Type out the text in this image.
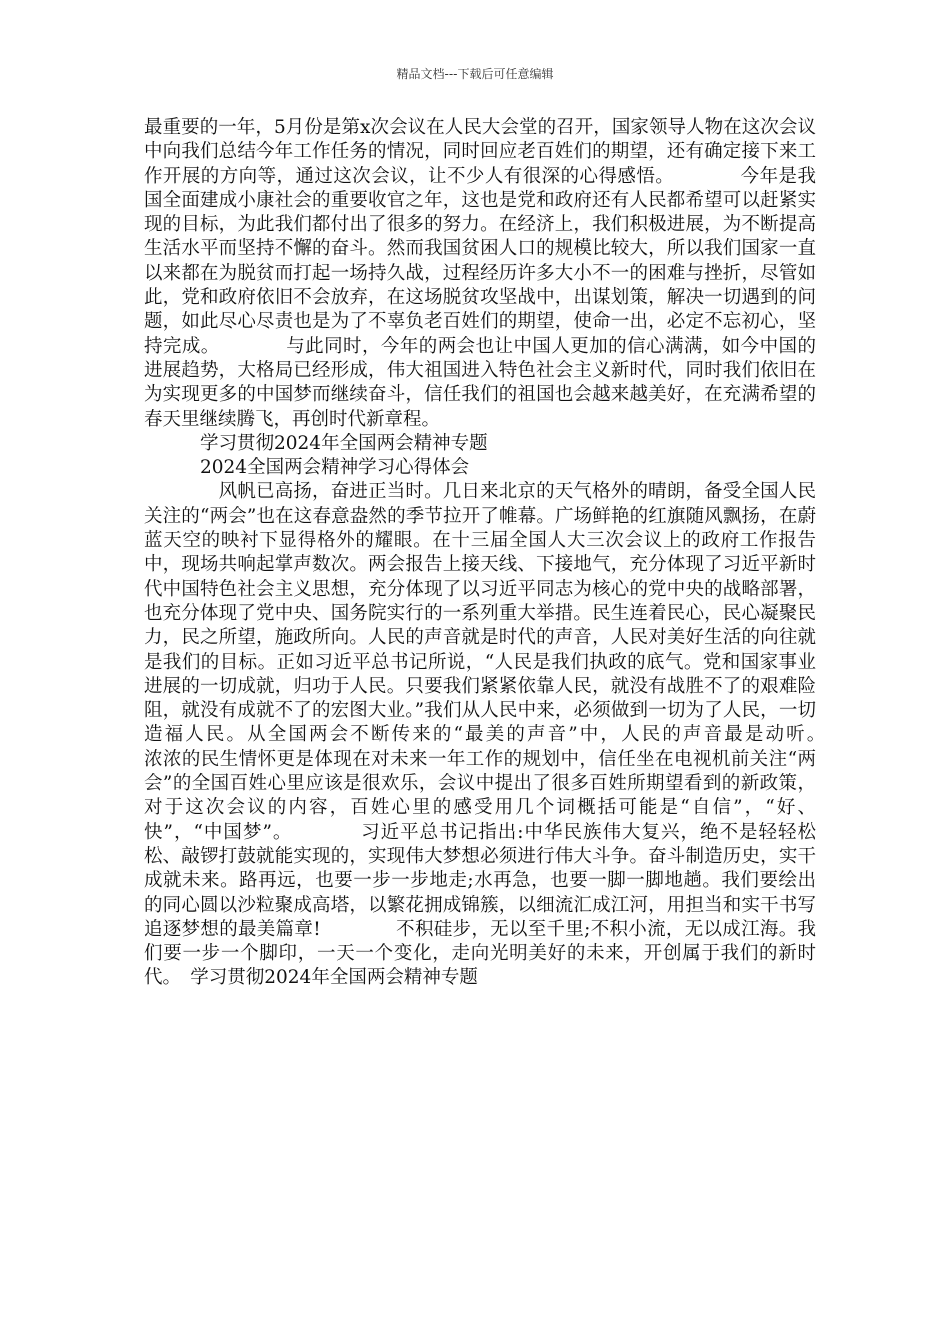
精品文档---下载后可任意编辑

最重要的一年，5月份是第x次会议在人民大会堂的召开，国家领导人物在这次会议中向我们总结今年工作任务的情况，同时回应老百姓们的期望，还有确定接下来工作开展的方向等，通过这次会议，让不少人有很深的心得感悟。　　　　今年是我国全面建成小康社会的重要收官之年，这也是党和政府还有人民都希望可以赶紧实现的目标，为此我们都付出了很多的努力。在经济上，我们积极进展，为不断提高生活水平而坚持不懈的奋斗。然而我国贫困人口的规模比较大，所以我们国家一直以来都在为脱贫而打起一场持久战，过程经历许多大小不一的困难与挫折，尽管如此，党和政府依旧不会放弃，在这场脱贫攻坚战中，出谋划策，解决一切遇到的问题，如此尽心尽责也是为了不辜负老百姓们的期望，使命一出，必定不忘初心，坚持完成。　　　　与此同时，今年的两会也让中国人更加的信心满满，如今中国的进展趋势，大格局已经形成，伟大祖国进入特色社会主义新时代，同时我们依旧在为实现更多的中国梦而继续奋斗，信任我们的祖国也会越来越美好，在充满希望的春天里继续腾飞，再创时代新章程。

学习贯彻2024年全国两会精神专题

2024全国两会精神学习心得体会

　　　　风帆已高扬，奋进正当时。几日来北京的天气格外的晴朗，备受全国人民关注的“两会”也在这春意盎然的季节拉开了帷幕。广场鲜艳的红旗随风飘扬，在蔚蓝天空的映衬下显得格外的耀眼。在十三届全国人大三次会议上的政府工作报告中，现场共响起掌声数次。两会报告上接天线、下接地气，充分体现了习近平新时代中国特色社会主义思想，充分体现了以习近平同志为核心的党中央的战略部署，也充分体现了党中央、国务院实行的一系列重大举措。民生连着民心，民心凝聚民力，民之所望，施政所向。人民的声音就是时代的声音，人民对美好生活的向往就是我们的目标。正如习近平总书记所说，“人民是我们执政的底气。党和国家事业进展的一切成就，归功于人民。只要我们紧紧依靠人民，就没有战胜不了的艰难险阻，就没有成就不了的宏图大业。”我们从人民中来，必须做到一切为了人民，一切造福人民。从全国两会不断传来的“最美的声音”中，人民的声音最是动听。　　　　浓浓的民生情怀更是体现在对未来一年工作的规划中，信任坐在电视机前关注“两会”的全国百姓心里应该是很欢乐，会议中提出了很多百姓所期望看到的新政策，对于这次会议的内容，百姓心里的感受用几个词概括可能是“自信”，“好、快”，“中国梦”。　　　　习近平总书记指出:中华民族伟大复兴，绝不是轻轻松松、敲锣打鼓就能实现的，实现伟大梦想必须进行伟大斗争。奋斗制造历史，实干成就未来。路再远，也要一步一步地走;水再急，也要一脚一脚地趟。我们要绘出的同心圆以沙粒聚成高塔，以繁花拥成锦簇，以细流汇成江河，用担当和实干书写追逐梦想的最美篇章!　　　　不积硅步，无以至千里;不积小流，无以成江海。我们要一步一个脚印，一天一个变化，走向光明美好的未来，开创属于我们的新时代。　学习贯彻2024年全国两会精神专题
